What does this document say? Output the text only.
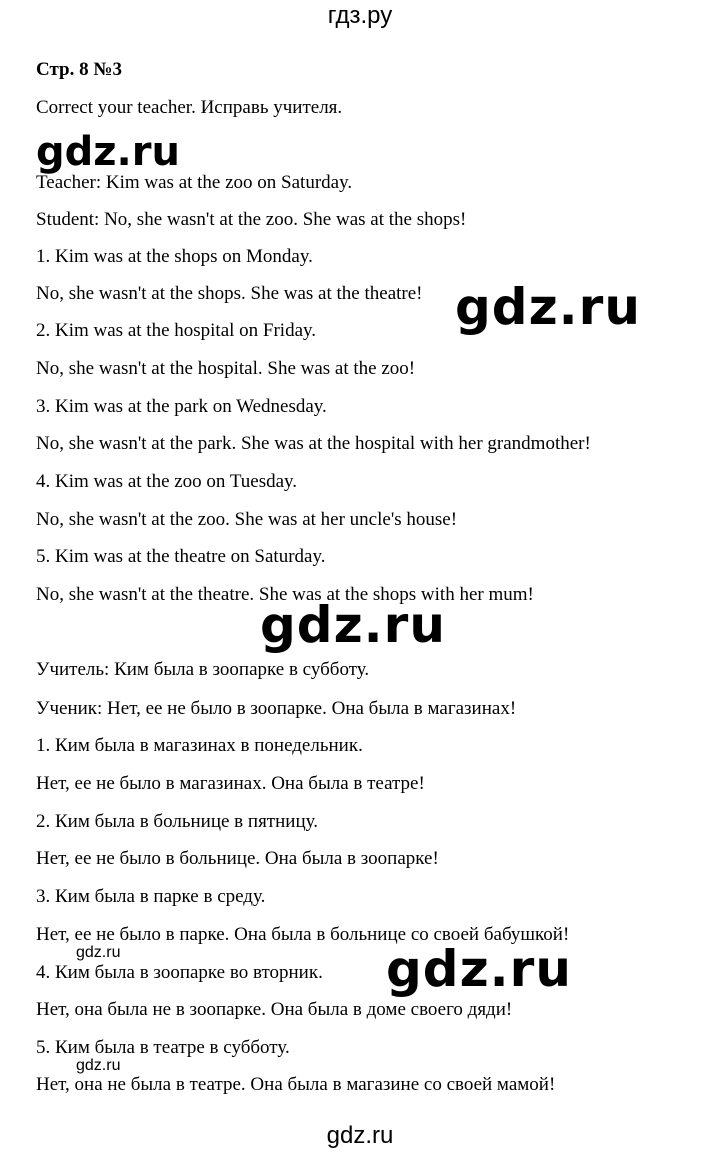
гдз.ру
Стр. 8 №3
Correct your teacher. Исправь учителя.
Teacher: Kim was at the zoo on Saturday.
Student: No, she wasn't at the zoo. She was at the shops!
1. Kim was at the shops on Monday.
No, she wasn't at the shops. She was at the theatre!
2. Kim was at the hospital on Friday.
No, she wasn't at the hospital. She was at the zoo!
3. Kim was at the park on Wednesday.
No, she wasn't at the park. She was at the hospital with her grandmother!
4. Kim was at the zoo on Tuesday.
No, she wasn't at the zoo. She was at her uncle's house!
5. Kim was at the theatre on Saturday.
No, she wasn't at the theatre. She was at the shops with her mum!
Учитель: Ким была в зоопарке в субботу.
Ученик: Нет, ее не было в зоопарке. Она была в магазинах!
1. Ким была в магазинах в понедельник.
Нет, ее не было в магазинах. Она была в театре!
2. Ким была в больнице в пятницу.
Нет, ее не было в больнице. Она была в зоопарке!
3. Ким была в парке в среду.
Нет, ее не было в парке. Она была в больнице со своей бабушкой!
4. Ким была в зоопарке во вторник.
Нет, она была не в зоопарке. Она была в доме своего дяди!
5. Ким была в театре в субботу.
Нет, она не была в театре. Она была в магазине со своей мамой!
gdz.ru
gdz.ru
gdz.ru
gdz.ru	gdz.ru
gdz.ru
gdz.ru
